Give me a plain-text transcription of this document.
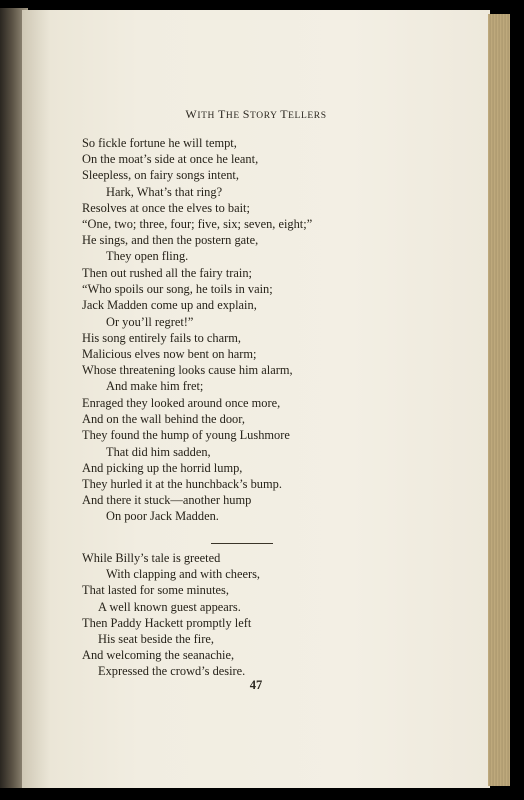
WITH THE STORY TELLERS
So fickle fortune he will tempt,
On the moat’s side at once he leant,
Sleepless, on fairy songs intent,
Hark, What’s that ring?
Resolves at once the elves to bait;
“One, two; three, four; five, six; seven, eight;”
He sings, and then the postern gate,
They open fling.
Then out rushed all the fairy train;
“Who spoils our song, he toils in vain;
Jack Madden come up and explain,
Or you’ll regret!”
His song entirely fails to charm,
Malicious elves now bent on harm;
Whose threatening looks cause him alarm,
And make him fret;
Enraged they looked around once more,
And on the wall behind the door,
They found the hump of young Lushmore
That did him sadden,
And picking up the horrid lump,
They hurled it at the hunchback’s bump.
And there it stuck—another hump
On poor Jack Madden.
While Billy’s tale is greeted
With clapping and with cheers,
That lasted for some minutes,
A well known guest appears.
Then Paddy Hackett promptly left
His seat beside the fire,
And welcoming the seanachie,
Expressed the crowd’s desire.
47
